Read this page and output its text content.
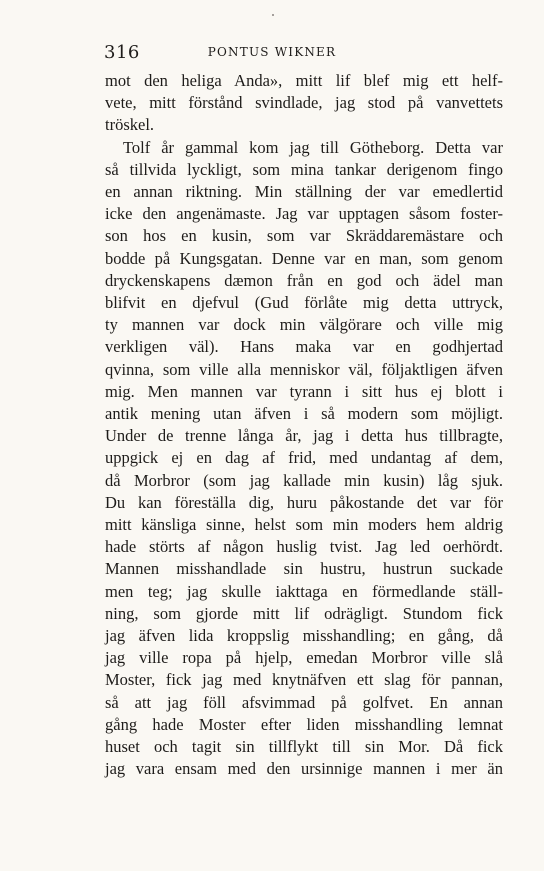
316	PONTUS WIKNER
mot den heliga Anda», mitt lif blef mig ett helf-
vete, mitt förstånd svindlade, jag stod på vanvettets
tröskel.
Tolf år gammal kom jag till Götheborg. Detta var
så tillvida lyckligt, som mina tankar derigenom fingo
en annan riktning. Min ställning der var emedlertid
icke den angenämaste. Jag var upptagen såsom foster-
son hos en kusin, som var Skräddaremästare och
bodde på Kungsgatan. Denne var en man, som genom
dryckenskapens dæmon från en god och ädel man
blifvit en djefvul (Gud förlåte mig detta uttryck,
ty mannen var dock min välgörare och ville mig
verkligen väl). Hans maka var en godhjertad
qvinna, som ville alla menniskor väl, följaktligen äfven
mig. Men mannen var tyrann i sitt hus ej blott i
antik mening utan äfven i så modern som möjligt.
Under de trenne långa år, jag i detta hus tillbragte,
uppgick ej en dag af frid, med undantag af dem,
då Morbror (som jag kallade min kusin) låg sjuk.
Du kan föreställa dig, huru påkostande det var för
mitt känsliga sinne, helst som min moders hem aldrig
hade störts af någon huslig tvist. Jag led oerhördt.
Mannen misshandlade sin hustru, hustrun suckade
men teg; jag skulle iakttaga en förmedlande ställ-
ning, som gjorde mitt lif odrägligt. Stundom fick
jag äfven lida kroppslig misshandling; en gång, då
jag ville ropa på hjelp, emedan Morbror ville slå
Moster, fick jag med knytnäfven ett slag för pannan,
så att jag föll afsvimmad på golfvet. En annan
gång hade Moster efter liden misshandling lemnat
huset och tagit sin tillflykt till sin Mor. Då fick
jag vara ensam med den ursinnige mannen i mer än
